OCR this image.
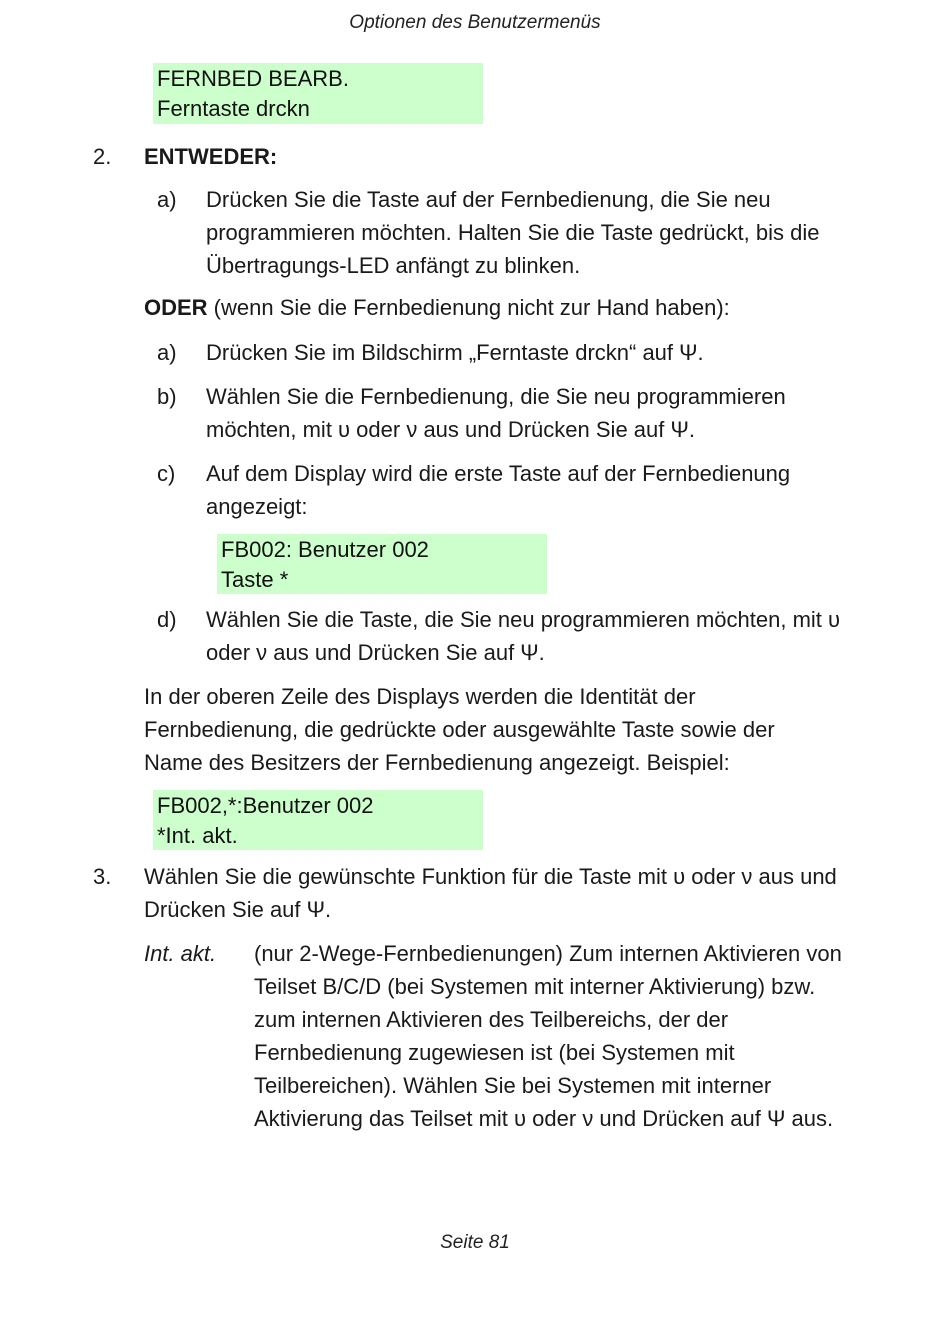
Optionen des Benutzermenüs
FERNBED BEARB.
Ferntaste drckn
2. ENTWEDER:
a) Drücken Sie die Taste auf der Fernbedienung, die Sie neu programmieren möchten. Halten Sie die Taste gedrückt, bis die Übertragungs-LED anfängt zu blinken.
ODER (wenn Sie die Fernbedienung nicht zur Hand haben):
a) Drücken Sie im Bildschirm „Ferntaste drckn“ auf Ψ.
b) Wählen Sie die Fernbedienung, die Sie neu programmieren möchten, mit υ oder ν aus und Drücken Sie auf Ψ.
c) Auf dem Display wird die erste Taste auf der Fernbedienung angezeigt:
FB002: Benutzer 002
Taste *
d) Wählen Sie die Taste, die Sie neu programmieren möchten, mit υ oder ν aus und Drücken Sie auf Ψ.
In der oberen Zeile des Displays werden die Identität der Fernbedienung, die gedrückte oder ausgewählte Taste sowie der Name des Besitzers der Fernbedienung angezeigt. Beispiel:
FB002,*:Benutzer 002
*Int. akt.
3. Wählen Sie die gewünschte Funktion für die Taste mit υ oder ν aus und Drücken Sie auf Ψ.
Int. akt. (nur 2-Wege-Fernbedienungen) Zum internen Aktivieren von Teilset B/C/D (bei Systemen mit interner Aktivierung) bzw. zum internen Aktivieren des Teilbereichs, der der Fernbedienung zugewiesen ist (bei Systemen mit Teilbereichen). Wählen Sie bei Systemen mit interner Aktivierung das Teilset mit υ oder ν und Drücken auf Ψ aus.
Seite 81
